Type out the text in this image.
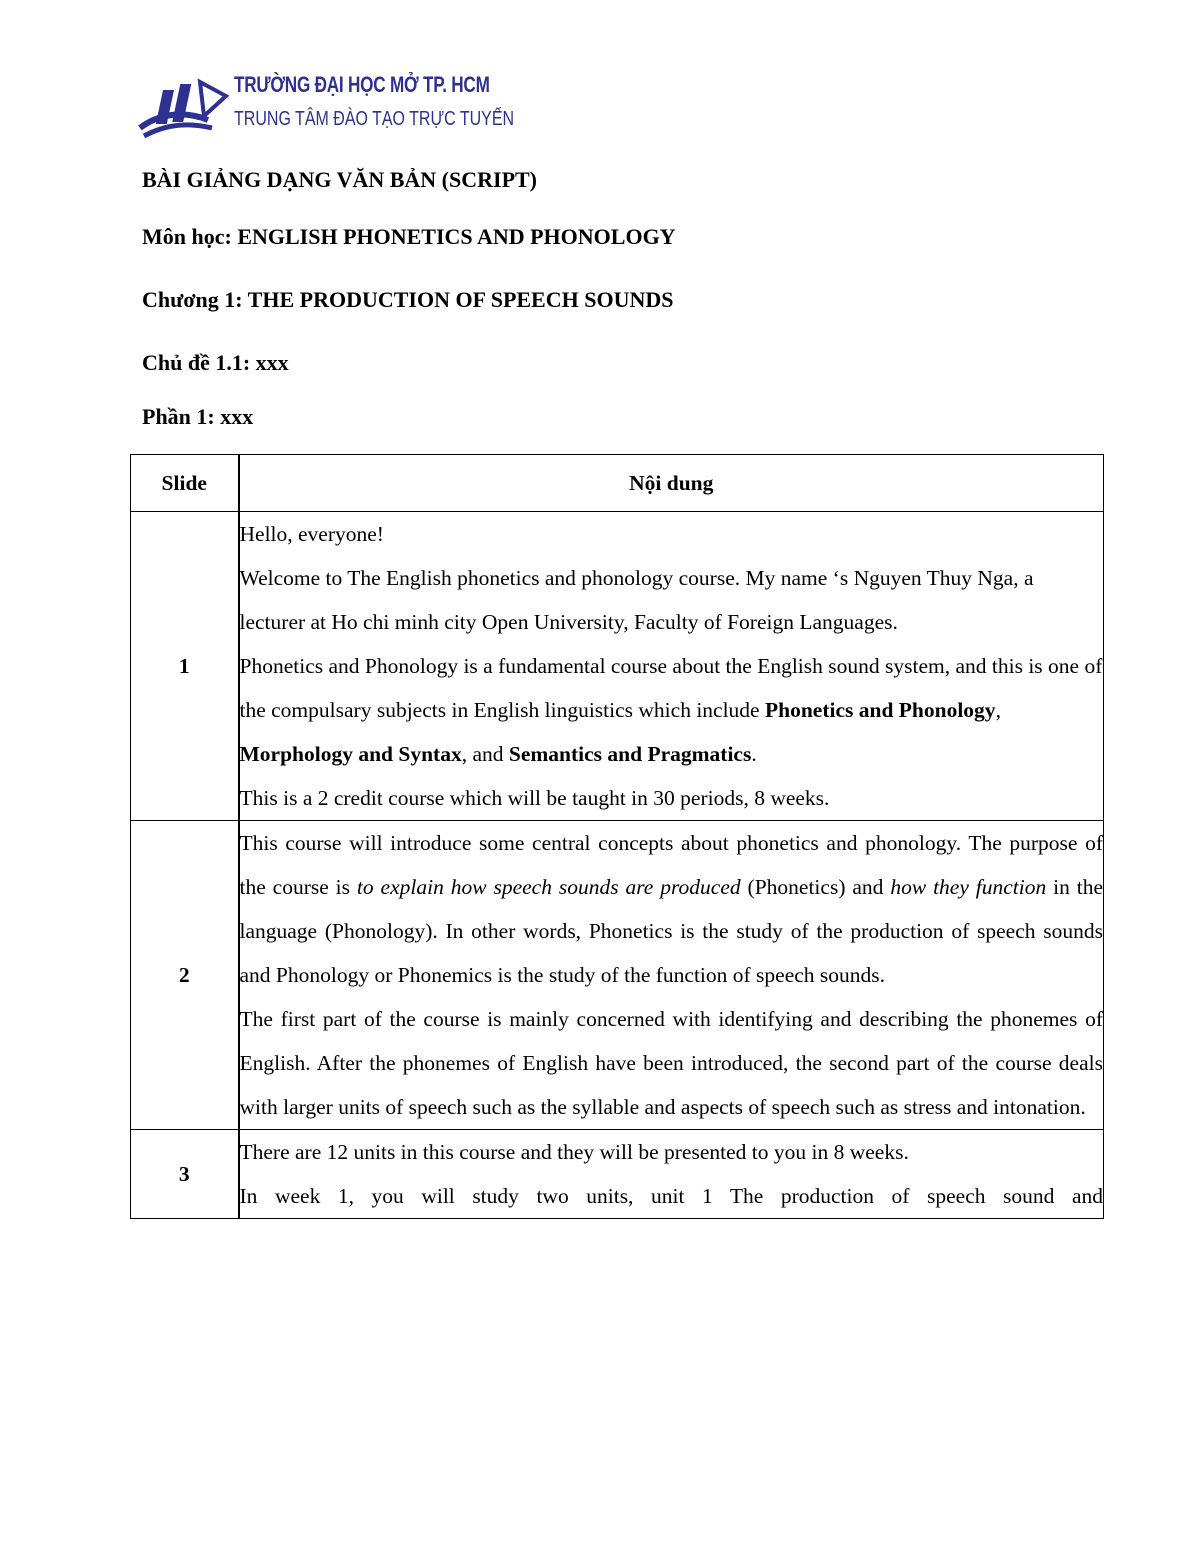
TRƯỜNG ĐẠI HỌC MỞ TP. HCM

TRUNG TÂM ĐÀO TẠO TRỰC TUYẾN

BÀI GIẢNG DẠNG VĂN BẢN (SCRIPT)

Môn học: ENGLISH PHONETICS AND PHONOLOGY

Chương 1: THE PRODUCTION OF SPEECH SOUNDS

Chủ đề 1.1: xxx

Phần 1: xxx

Slide	Nội dung
1	Hello, everyone!
Welcome to The English phonetics and phonology course. My name ‘s Nguyen Thuy Nga, a lecturer at Ho chi minh city Open University, Faculty of Foreign Languages.
Phonetics and Phonology is a fundamental course about the English sound system, and this is one of the compulsary subjects in English linguistics which include Phonetics and Phonology, Morphology and Syntax, and Semantics and Pragmatics.
This is a 2 credit course which will be taught in 30 periods, 8 weeks.

2	This course will introduce some central concepts about phonetics and phonology. The purpose of the course is to explain how speech sounds are produced (Phonetics) and how they function in the language (Phonology). In other words, Phonetics is the study of the production of speech sounds and Phonology or Phonemics is the study of the function of speech sounds.
The first part of the course is mainly concerned with identifying and describing the phonemes of English. After the phonemes of English have been introduced, the second part of the course deals with larger units of speech such as the syllable and aspects of speech such as stress and intonation.

3	There are 12 units in this course and they will be presented to you in 8 weeks.
In week 1, you will study two units, unit 1 The production of speech sound and
